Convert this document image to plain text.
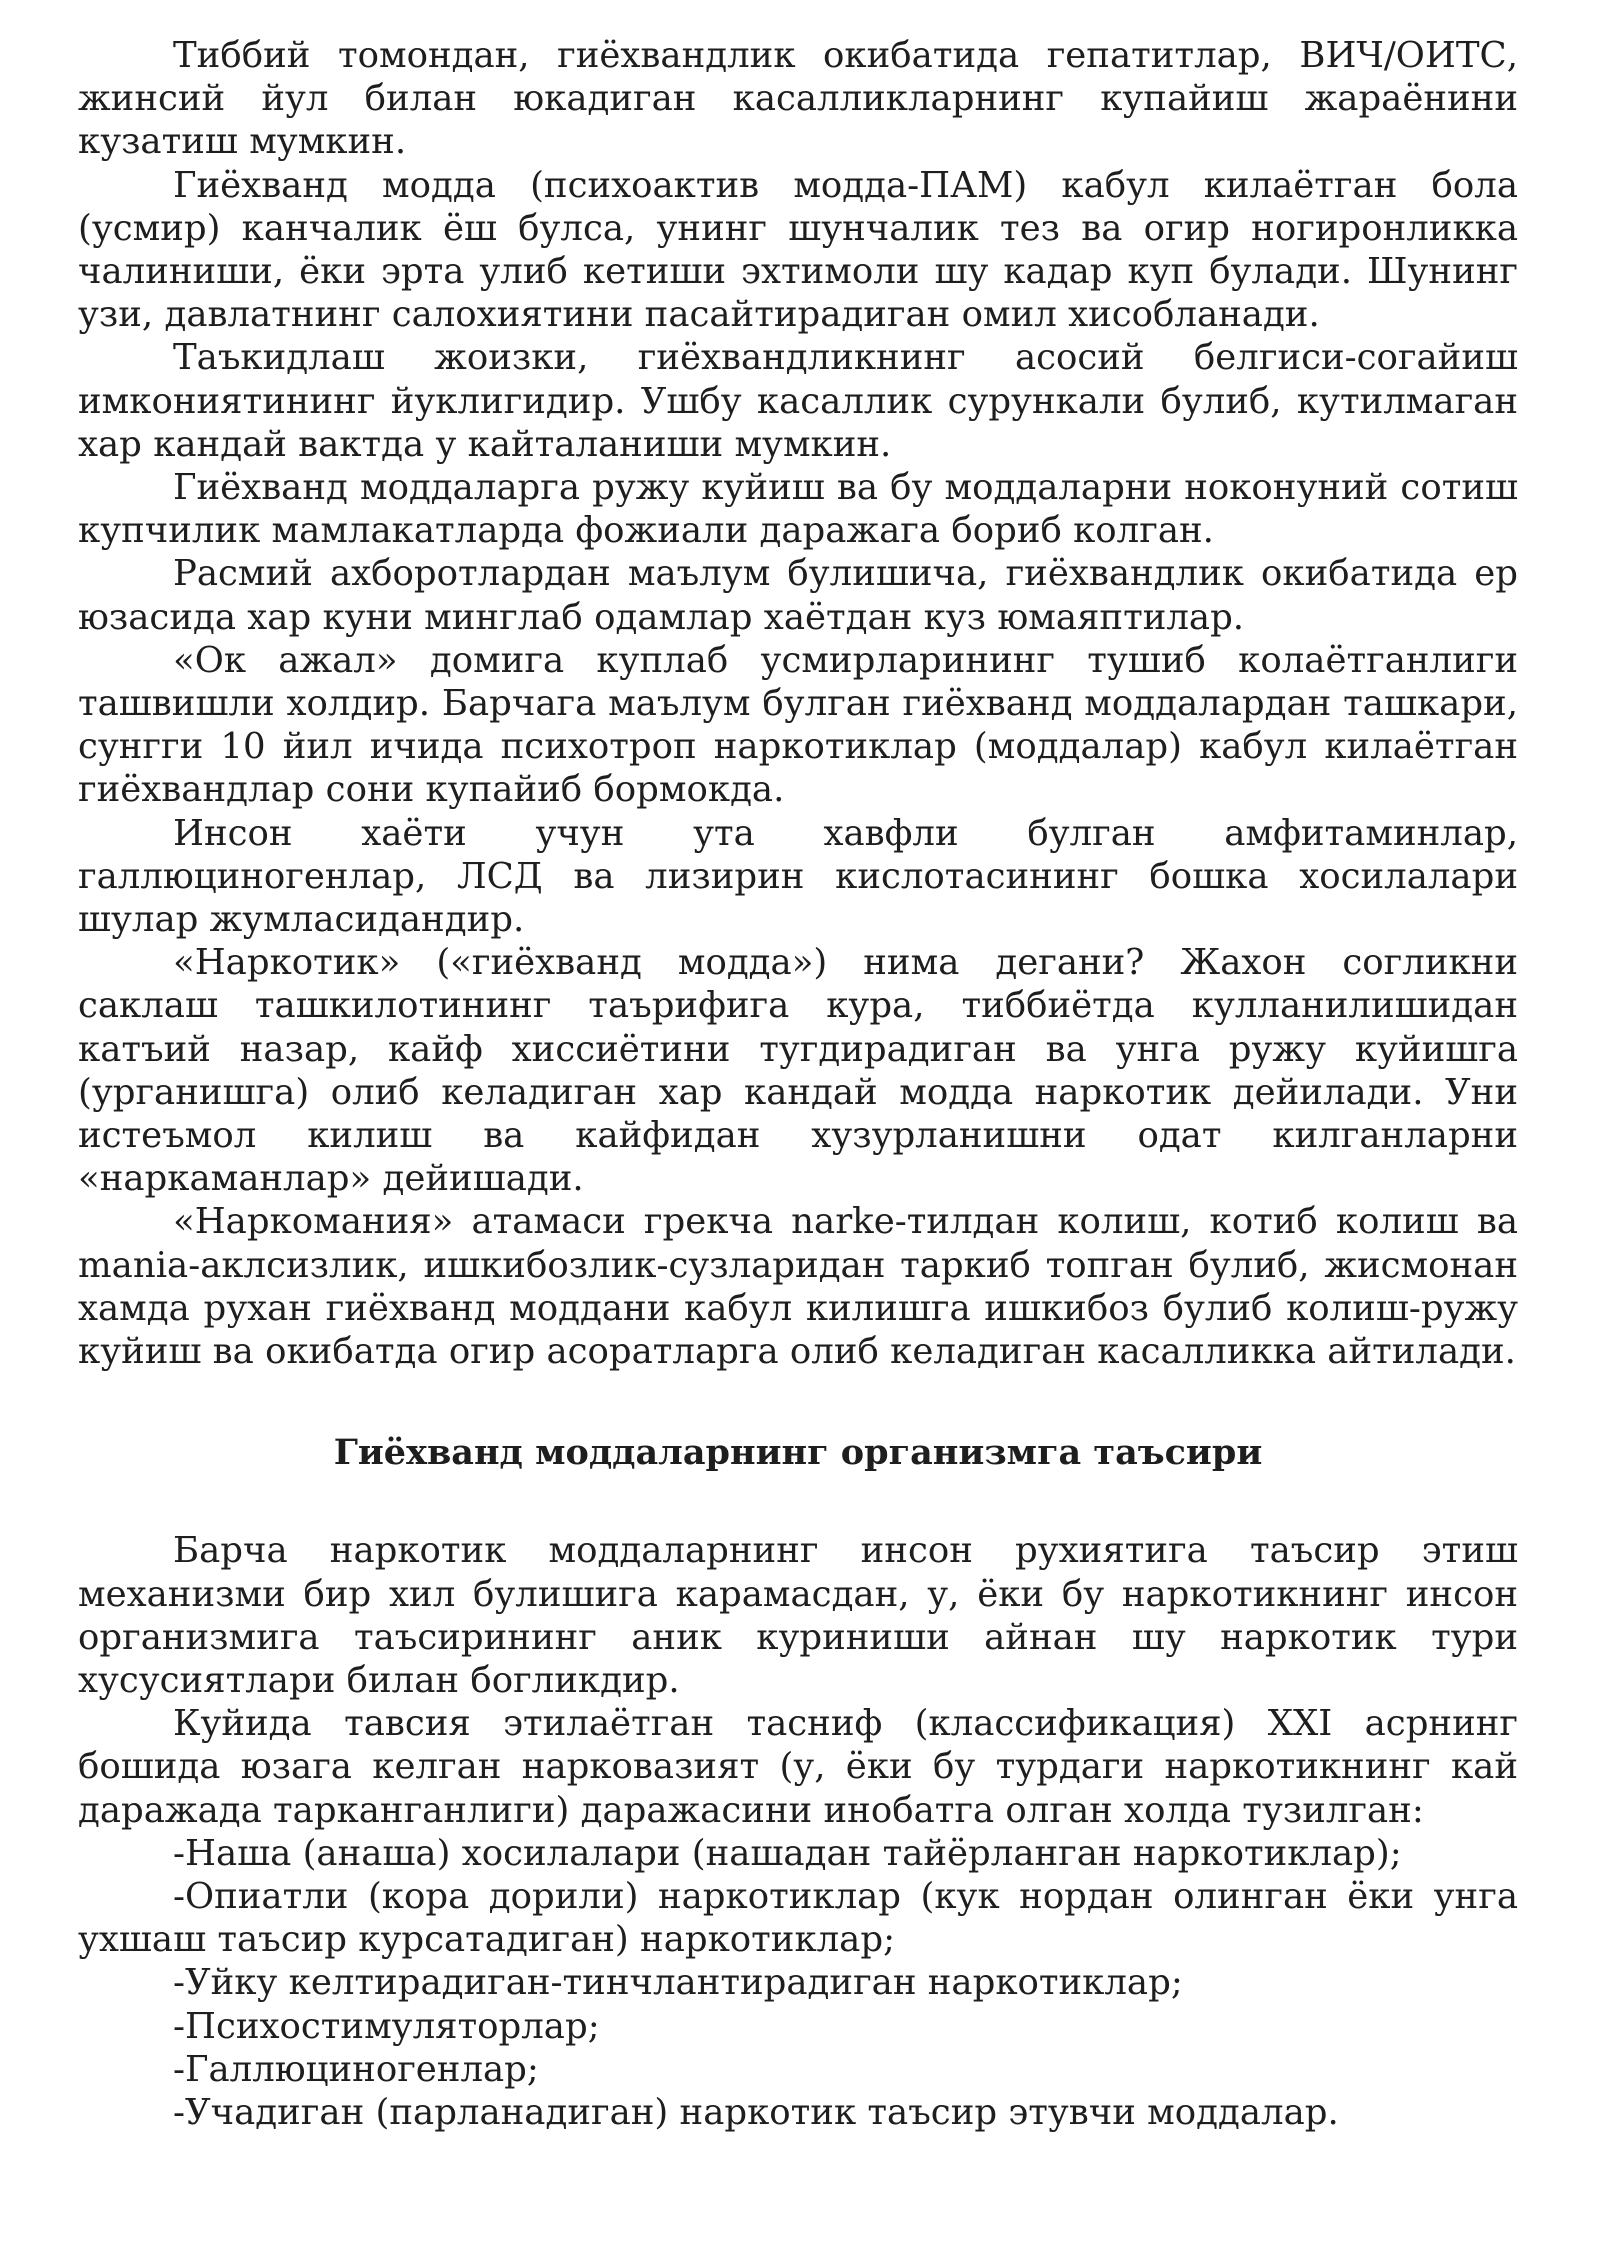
Тиббий томондан, гиёхвандлик окибатида гепатитлар, ВИЧ/ОИТС, жинсий йул билан юкадиган касалликларнинг купайиш жараёнини кузатиш мумкин.

Гиёхванд модда (психоактив модда-ПАМ) кабул килаётган бола (усмир) канчалик ёш булса, унинг шунчалик тез ва огир ногиронликка чалиниши, ёки эрта улиб кетиши эхтимоли шу кадар куп булади. Шунинг узи, давлатнинг салохиятини пасайтирадиган омил хисобланади.

Таъкидлаш жоизки, гиёхвандликнинг асосий белгиси-согайиш имкониятининг йуклигидир. Ушбу касаллик сурункали булиб, кутилмаган хар кандай вактда у кайталаниши мумкин.

Гиёхванд моддаларга ружу куйиш ва бу моддаларни ноконуний сотиш купчилик мамлакатларда фожиали даражага бориб колган.

Расмий ахборотлардан маълум булишича, гиёхвандлик окибатида ер юзасида хар куни минглаб одамлар хаётдан куз юмаяптилар.

«Ок ажал» домига куплаб усмирларининг тушиб колаётганлиги ташвишли холдир. Барчага маълум булган гиёхванд моддалардан ташкари, сунгги 10 йил ичида психотроп наркотиклар (моддалар) кабул килаётган гиёхвандлар сони купайиб бормокда.

Инсон хаёти учун ута хавфли булган амфитаминлар, галлюциногенлар, ЛСД ва лизирин кислотасининг бошка хосилалари шулар жумласидандир.

«Наркотик» («гиёхванд модда») нима дегани? Жахон согликни саклаш ташкилотининг таърифига кура, тиббиётда кулланилишидан катъий назар, кайф хиссиётини тугдирадиган ва унга ружу куйишга (урганишга) олиб келадиган хар кандай модда наркотик дейилади. Уни истеъмол килиш ва кайфидан хузурланишни одат килганларни «наркаманлар» дейишади.

«Наркомания» атамаси грекча narke-тилдан колиш, котиб колиш ва mania-аклсизлик, ишкибозлик-сузларидан таркиб топган булиб, жисмонан хамда рухан гиёхванд моддани кабул килишга ишкибоз булиб колиш-ружу куйиш ва окибатда огир асоратларга олиб келадиган касалликка айтилади.

Гиёхванд моддаларнинг организмга таъсири

Барча наркотик моддаларнинг инсон рухиятига таъсир этиш механизми бир хил булишига карамасдан, у, ёки бу наркотикнинг инсон организмига таъсирининг аник куриниши айнан шу наркотик тури хусусиятлари билан богликдир.

Куйида тавсия этилаётган тасниф (классификация) XXI асрнинг бошида юзага келган нарковазият (у, ёки бу турдаги наркотикнинг кай даражада тарканганлиги) даражасини инобатга олган холда тузилган:

-Наша (анаша) хосилалари (нашадан тайёрланган наркотиклар);

-Опиатли (кора дорили) наркотиклар (кук нордан олинган ёки унга ухшаш таъсир курсатадиган) наркотиклар;

-Уйку келтирадиган-тинчлантирадиган наркотиклар;

-Психостимуляторлар;

-Галлюциногенлар;

-Учадиган (парланадиган) наркотик таъсир этувчи моддалар.
